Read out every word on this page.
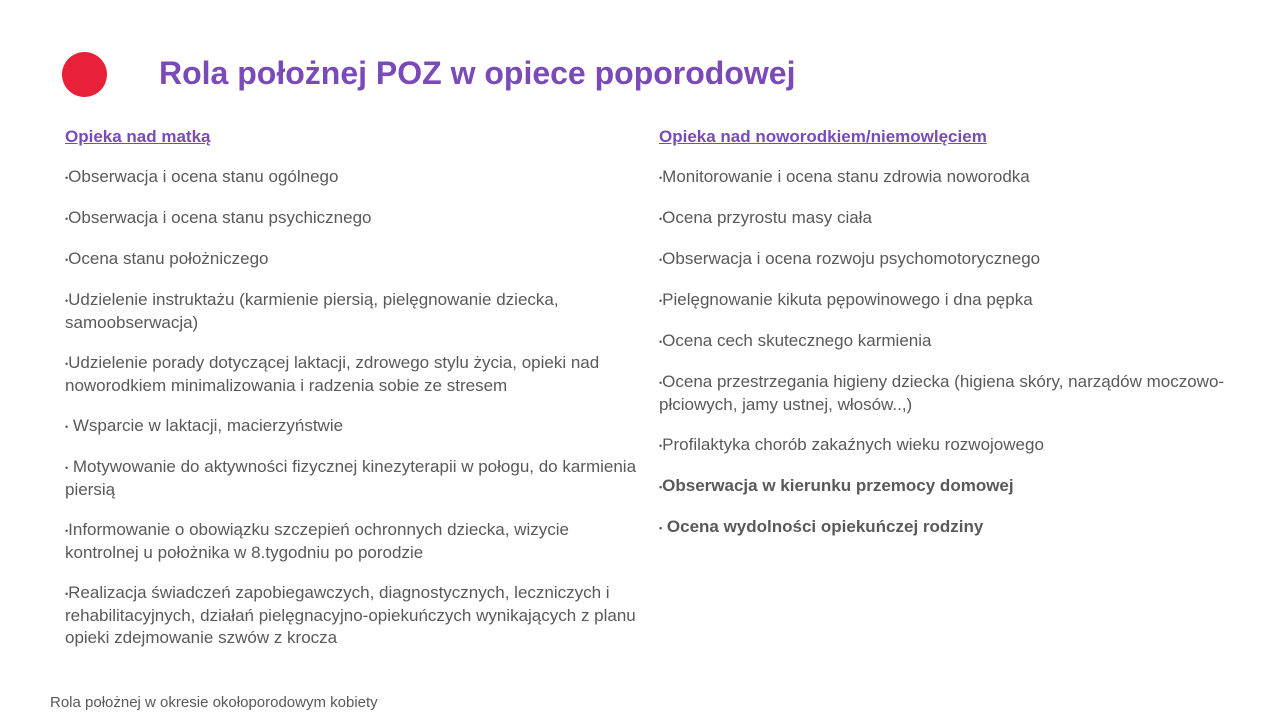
Rola położnej POZ w opiece poporodowej
Opieka nad matką
•Obserwacja i ocena stanu ogólnego
•Obserwacja i ocena stanu psychicznego
•Ocena stanu położniczego
•Udzielenie instruktażu (karmienie piersią, pielęgnowanie dziecka, samoobserwacja)
•Udzielenie porady dotyczącej laktacji, zdrowego stylu życia, opieki nad noworodkiem minimalizowania i radzenia sobie ze stresem
• Wsparcie w laktacji, macierzyństwie
• Motywowanie do aktywności fizycznej kinezyterapii w połogu, do karmienia piersią
•Informowanie o obowiązku szczepień ochronnych dziecka, wizycie kontrolnej u położnika w 8.tygodniu po porodzie
•Realizacja świadczeń zapobiegawczych, diagnostycznych, leczniczych i rehabilitacyjnych, działań pielęgnacyjno-opiekuńczych wynikających z planu opieki zdejmowanie szwów z krocza
Opieka nad noworodkiem/niemowlęciem
•Monitorowanie i ocena stanu zdrowia noworodka
•Ocena przyrostu masy ciała
•Obserwacja i ocena rozwoju psychomotorycznego
•Pielęgnowanie kikuta pępowinowego i dna pępka
•Ocena cech skutecznego karmienia
•Ocena przestrzegania higieny dziecka (higiena skóry, narządów moczowo-płciowych, jamy ustnej, włosów..,)
•Profilaktyka chorób zakaźnych wieku rozwojowego
•Obserwacja w kierunku przemocy domowej
• Ocena wydolności opiekuńczej rodziny
Rola położnej w okresie okołoporodowym kobiety
